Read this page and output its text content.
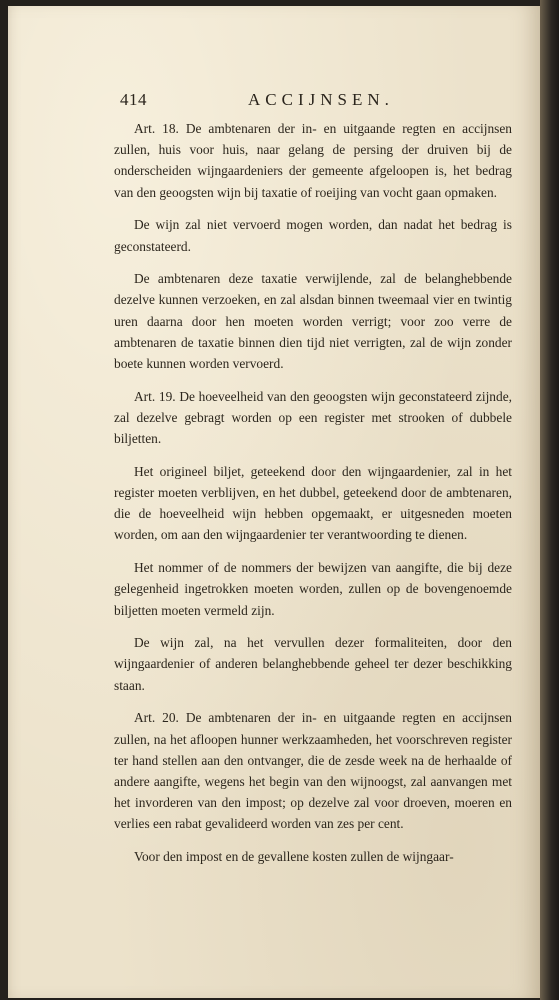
414	ACCIJNSEN.

Art. 18. De ambtenaren der in- en uitgaande regten en accijnsen zullen, huis voor huis, naar gelang de persing der druiven bij de onderscheiden wijngaardeniers der gemeente afgeloopen is, het bedrag van den geoogsten wijn bij taxatie of roeijing van vocht gaan opmaken.

De wijn zal niet vervoerd mogen worden, dan nadat het bedrag is geconstateerd.

De ambtenaren deze taxatie verwijlende, zal de belanghebbende dezelve kunnen verzoeken, en zal alsdan binnen tweemaal vier en twintig uren daarna door hen moeten worden verrigt; voor zoo verre de ambtenaren de taxatie binnen dien tijd niet verrigten, zal de wijn zonder boete kunnen worden vervoerd.

Art. 19. De hoeveelheid van den geoogsten wijn geconstateerd zijnde, zal dezelve gebragt worden op een register met strooken of dubbele biljetten.

Het origineel biljet, geteekend door den wijngaardenier, zal in het register moeten verblijven, en het dubbel, geteekend door de ambtenaren, die de hoeveelheid wijn hebben opgemaakt, er uitgesneden moeten worden, om aan den wijngaardenier ter verantwoording te dienen.

Het nommer of de nommers der bewijzen van aangifte, die bij deze gelegenheid ingetrokken moeten worden, zullen op de bovengenoemde biljetten moeten vermeld zijn.

De wijn zal, na het vervullen dezer formaliteiten, door den wijngaardenier of anderen belanghebbende geheel ter dezer beschikking staan.

Art. 20. De ambtenaren der in- en uitgaande regten en accijnsen zullen, na het afloopen hunner werkzaamheden, het voorschreven register ter hand stellen aan den ontvanger, die de zesde week na de herhaalde of andere aangifte, wegens het begin van den wijnoogst, zal aanvangen met het invorderen van den impost; op dezelve zal voor droeven, moeren en verlies een rabat gevalideerd worden van zes per cent.

Voor den impost en de gevallene kosten zullen de wijngaar-
